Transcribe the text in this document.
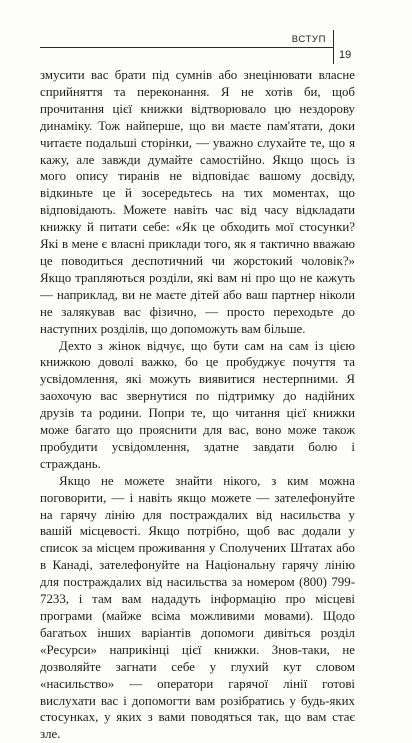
ВСТУП
19

змусити вас брати під сумнів або знецінювати власне сприйняття та переконання. Я не хотів би, щоб прочитання цієї книжки відтворювало цю нездорову динаміку. Тож найперше, що ви маєте пам'ятати, доки читаєте подальші сторінки, — уважно слухайте те, що я кажу, але завжди думайте самостійно. Якщо щось із мого опису тиранів не відповідає вашому досвіду, відкиньте це й зосередьтесь на тих моментах, що відповідають. Можете навіть час від часу відкладати книжку й питати себе: «Як це обходить мої стосунки? Які в мене є власні приклади того, як я тактично вважаю це поводиться деспотичний чи жорстокий чоловік?» Якщо трапляються розділи, які вам ні про що не кажуть — наприклад, ви не маєте дітей або ваш партнер ніколи не залякував вас фізично, — просто переходьте до наступних розділів, що допоможуть вам більше.

Дехто з жінок відчує, що бути сам на сам із цією книжкою доволі важко, бо це пробуджує почуття та усвідомлення, які можуть виявитися нестерпними. Я заохочую вас звернутися по підтримку до надійних друзів та родини. Попри те, що читання цієї книжки може багато що прояснити для вас, воно може також пробудити усвідомлення, здатне завдати болю і страждань.

Якщо не можете знайти нікого, з ким можна поговорити, — і навіть якщо можете — зателефонуйте на гарячу лінію для постраждалих від насильства у вашій місцевості. Якщо потрібно, щоб вас додали у список за місцем проживання у Сполучених Штатах або в Канаді, зателефонуйте на Національну гарячу лінію для постраждалих від насильства за номером (800) 799-7233, і там вам нададуть інформацію про місцеві програми (майже всіма можливими мовами). Щодо багатьох інших варіантів допомоги дивіться розділ «Ресурси» наприкінці цієї книжки. Знов-таки, не дозволяйте загнати себе у глухий кут словом «насильство» — оператори гарячої лінії готові вислухати вас і допомогти вам розібратись у будь-яких стосунках, у яких з вами поводяться так, що вам стає зле.
